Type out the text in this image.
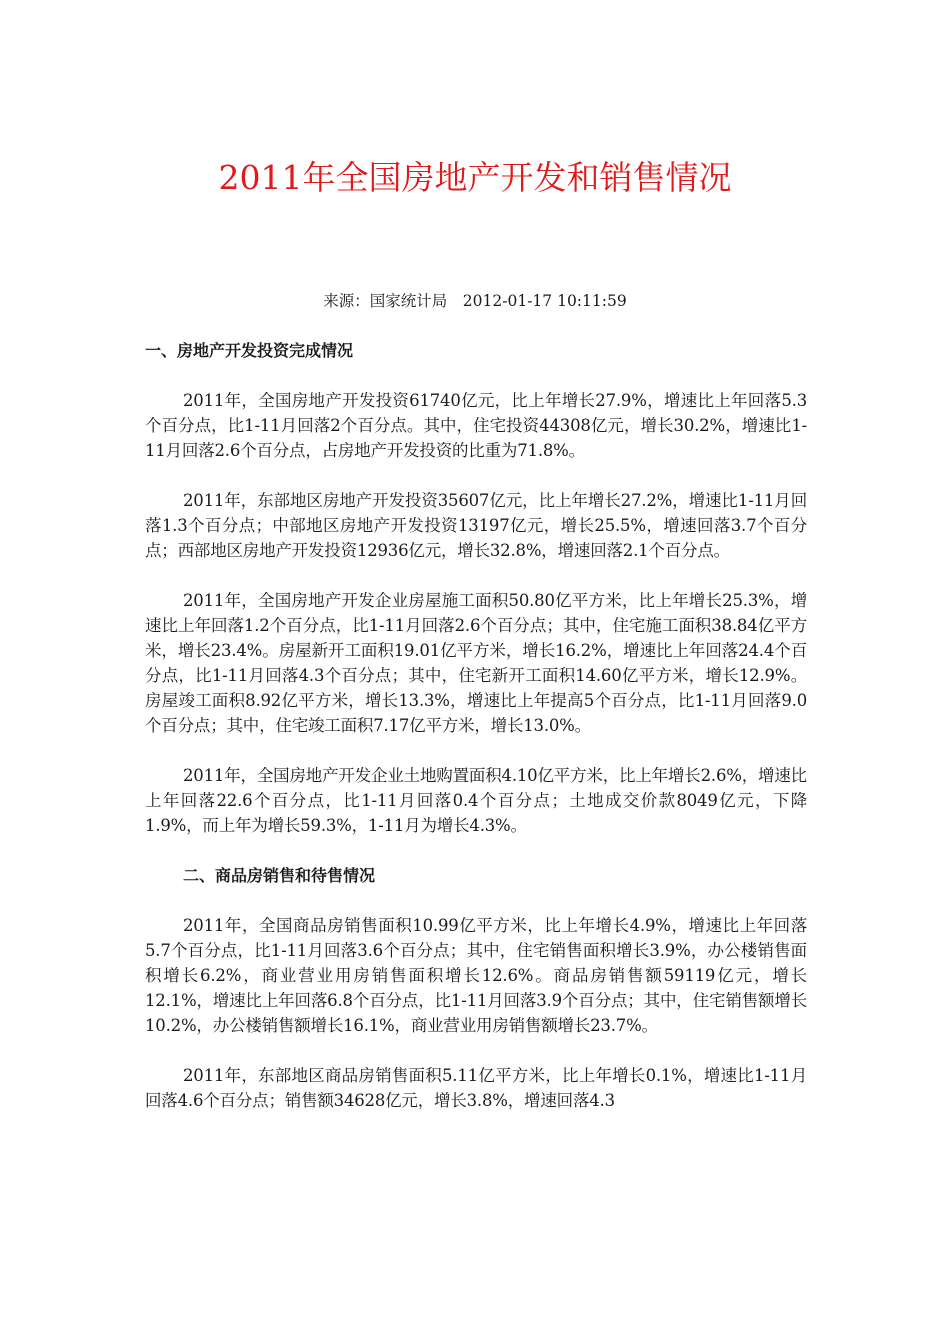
2011年全国房地产开发和销售情况

来源：国家统计局　2012-01-17 10:11:59

一、房地产开发投资完成情况

2011年，全国房地产开发投资61740亿元，比上年增长27.9%，增速比上年回落5.3个百分点，比1-11月回落2个百分点。其中，住宅投资44308亿元，增长30.2%，增速比1-11月回落2.6个百分点，占房地产开发投资的比重为71.8%。

2011年，东部地区房地产开发投资35607亿元，比上年增长27.2%，增速比1-11月回落1.3个百分点；中部地区房地产开发投资13197亿元，增长25.5%，增速回落3.7个百分点；西部地区房地产开发投资12936亿元，增长32.8%，增速回落2.1个百分点。

2011年，全国房地产开发企业房屋施工面积50.80亿平方米，比上年增长25.3%，增速比上年回落1.2个百分点，比1-11月回落2.6个百分点；其中，住宅施工面积38.84亿平方米，增长23.4%。房屋新开工面积19.01亿平方米，增长16.2%，增速比上年回落24.4个百分点，比1-11月回落4.3个百分点；其中，住宅新开工面积14.60亿平方米，增长12.9%。房屋竣工面积8.92亿平方米，增长13.3%，增速比上年提高5个百分点，比1-11月回落9.0个百分点；其中，住宅竣工面积7.17亿平方米，增长13.0%。

2011年，全国房地产开发企业土地购置面积4.10亿平方米，比上年增长2.6%，增速比上年回落22.6个百分点，比1-11月回落0.4个百分点；土地成交价款8049亿元，下降1.9%，而上年为增长59.3%，1-11月为增长4.3%。

二、商品房销售和待售情况

2011年，全国商品房销售面积10.99亿平方米，比上年增长4.9%，增速比上年回落5.7个百分点，比1-11月回落3.6个百分点；其中，住宅销售面积增长3.9%，办公楼销售面积增长6.2%，商业营业用房销售面积增长12.6%。商品房销售额59119亿元，增长12.1%，增速比上年回落6.8个百分点，比1-11月回落3.9个百分点；其中，住宅销售额增长10.2%，办公楼销售额增长16.1%，商业营业用房销售额增长23.7%。

2011年，东部地区商品房销售面积5.11亿平方米，比上年增长0.1%，增速比1-11月回落4.6个百分点；销售额34628亿元，增长3.8%，增速回落4.3
